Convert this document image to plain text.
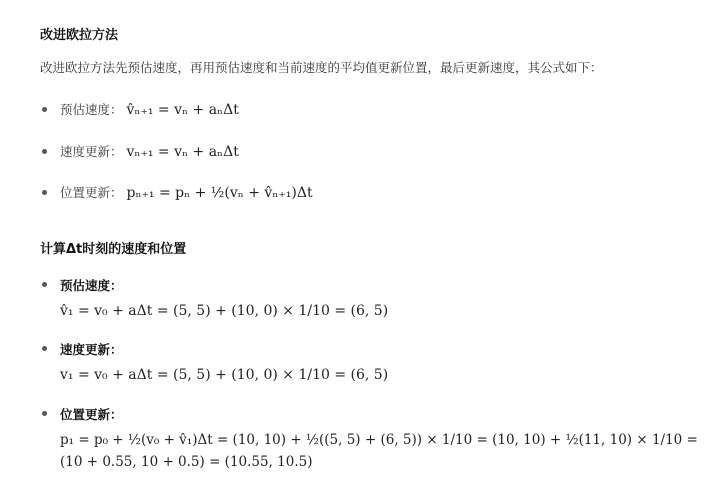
改进欧拉方法
改进欧拉方法先预估速度，再用预估速度和当前速度的平均值更新位置，最后更新速度，其公式如下：
预估速度： v̂ₙ₊₁ = vₙ + aₙΔt
速度更新： vₙ₊₁ = vₙ + aₙΔt
位置更新： pₙ₊₁ = pₙ + ½(vₙ + v̂ₙ₊₁)Δt
计算Δt时刻的速度和位置
预估速度：
v̂₁ = v₀ + aΔt = (5, 5) + (10, 0) × 1/10 = (6, 5)
速度更新：
v₁ = v₀ + aΔt = (5, 5) + (10, 0) × 1/10 = (6, 5)
位置更新：
p₁ = p₀ + ½(v₀ + v̂₁)Δt = (10, 10) + ½((5, 5) + (6, 5)) × 1/10 = (10, 10) + ½(11, 10) × 1/10 =
(10 + 0.55, 10 + 0.5) = (10.55, 10.5)
